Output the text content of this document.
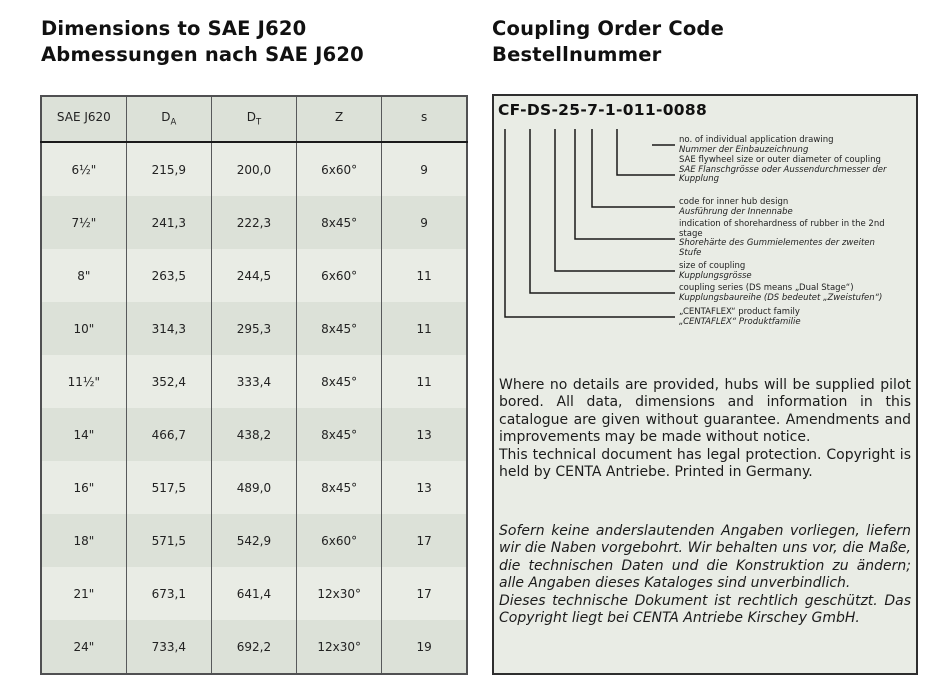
Dimensions to SAE J620
Abmessungen nach SAE J620
Coupling Order Code
Bestellnummer
SAE J620	$D_A$	$D_T$	Z	s
6½"	215,9	200,0	6x60°	9
7½"	241,3	222,3	8x45°	9
8"	263,5	244,5	6x60°	11
10"	314,3	295,3	8x45°	11
11½"	352,4	333,4	8x45°	11
14"	466,7	438,2	8x45°	13
16"	517,5	489,0	8x45°	13
18"	571,5	542,9	6x60°	17
21"	673,1	641,4	12x30°	17
24"	733,4	692,2	12x30°	19
CF-DS-25-7-1-011-0088
no. of individual application drawing
Nummer der Einbauzeichnung
SAE flywheel size or outer diameter of coupling
SAE Flanschgrösse oder Aussendurchmesser der Kupplung
code for inner hub design
Ausführung der Innennabe
indication of shorehardness of rubber in the 2nd stage
Shorehärte des Gummielementes der zweiten Stufe
size of coupling
Kupplungsgrösse
coupling series (DS means „Dual Stage“)
Kupplungsbaureihe (DS bedeutet „Zweistufen“)
„CENTAFLEX“ product family
„CENTAFLEX“ Produktfamilie

Where no details are provided, hubs will be supplied pilot bored. All data, dimensions and information in this catalogue are given without guarantee. Amendments and improvements may be made without notice.

This technical document has legal protection. Copyright is held by CENTA Antriebe. Printed in Germany.

Sofern keine anderslautenden Angaben vorliegen, liefern wir die Naben vorgebohrt. Wir behalten uns vor, die Maße, die technischen Daten und die Konstruktion zu ändern; alle Angaben dieses Kataloges sind unverbindlich.

Dieses technische Dokument ist rechtlich geschützt. Das Copyright liegt bei CENTA Antriebe Kirschey GmbH.
